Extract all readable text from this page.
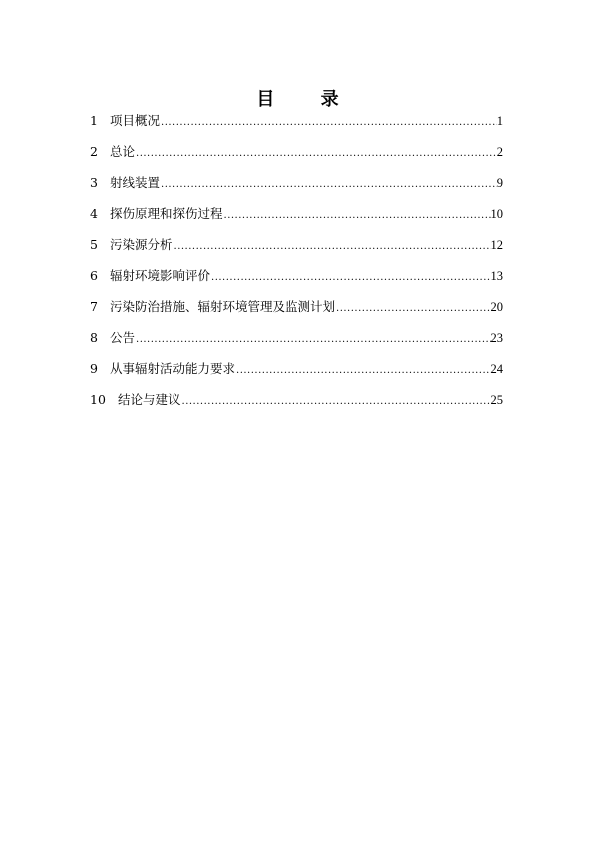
目 录
1 项目概况 .....	1
2 总论 .....	2
3 射线装置 .....	9
4 探伤原理和探伤过程 .....	10
5 污染源分析 .....	12
6 辐射环境影响评价 .....	13
7 污染防治措施、辐射环境管理及监测计划 .....	20
8 公告 .....	23
9 从事辐射活动能力要求 .....	24
10 结论与建议 .....	25
